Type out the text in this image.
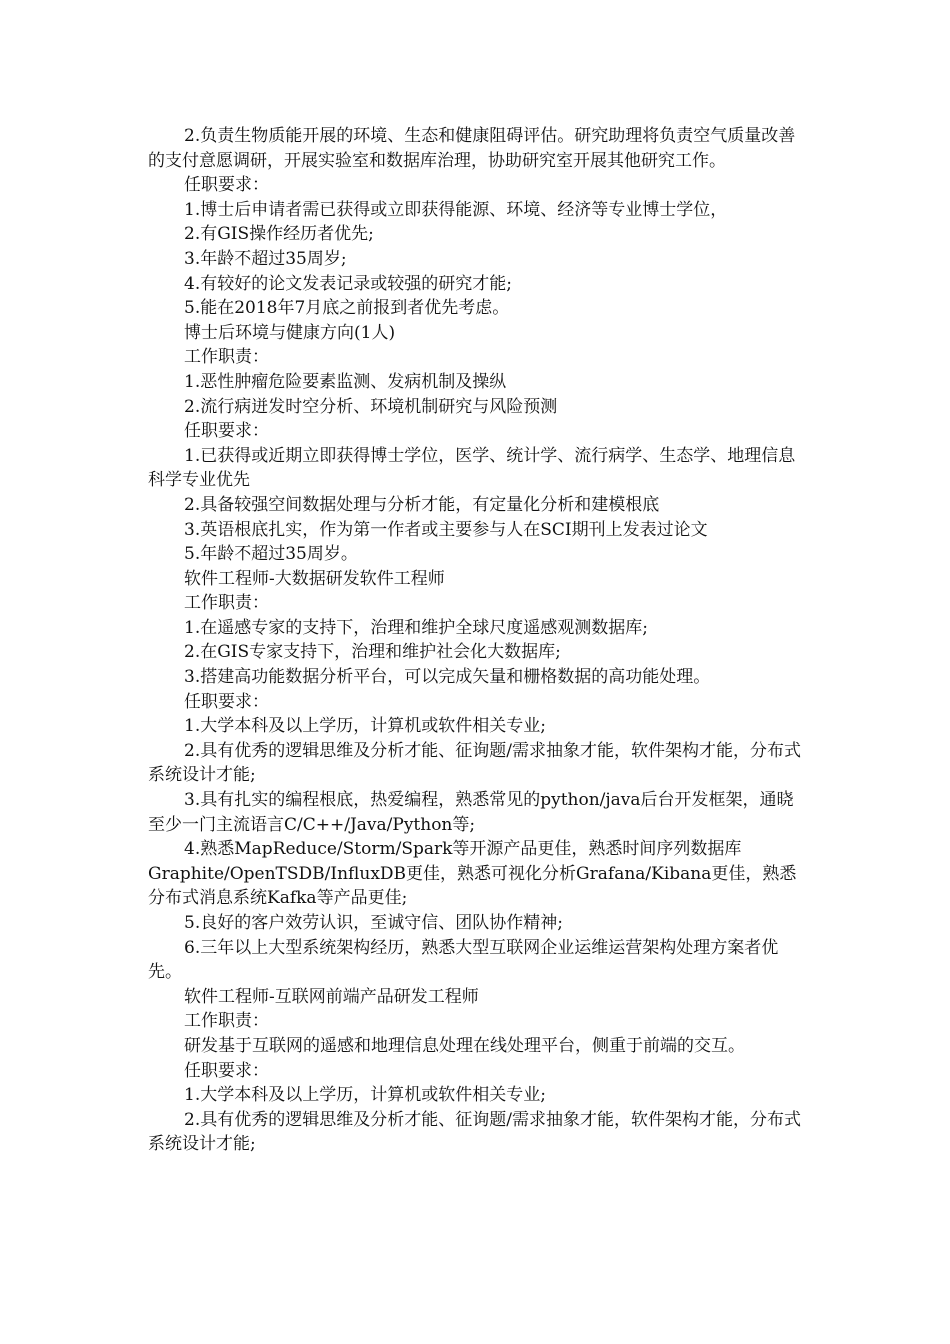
2.负责生物质能开展的环境、生态和健康阻碍评估。研究助理将负责空气质量改善的支付意愿调研，开展实验室和数据库治理，协助研究室开展其他研究工作。

任职要求：

1.博士后申请者需已获得或立即获得能源、环境、经济等专业博士学位，

2.有GIS操作经历者优先;

3.年龄不超过35周岁;

4.有较好的论文发表记录或较强的研究才能;

5.能在2018年7月底之前报到者优先考虑。

博士后环境与健康方向(1人)

工作职责：

1.恶性肿瘤危险要素监测、发病机制及操纵

2.流行病迸发时空分析、环境机制研究与风险预测

任职要求：

1.已获得或近期立即获得博士学位，医学、统计学、流行病学、生态学、地理信息科学专业优先

2.具备较强空间数据处理与分析才能，有定量化分析和建模根底

3.英语根底扎实，作为第一作者或主要参与人在SCI期刊上发表过论文

5.年龄不超过35周岁。

软件工程师-大数据研发软件工程师

工作职责：

1.在遥感专家的支持下，治理和维护全球尺度遥感观测数据库;

2.在GIS专家支持下，治理和维护社会化大数据库;

3.搭建高功能数据分析平台，可以完成矢量和栅格数据的高功能处理。

任职要求：

1.大学本科及以上学历，计算机或软件相关专业;

2.具有优秀的逻辑思维及分析才能、征询题/需求抽象才能，软件架构才能，分布式系统设计才能;

3.具有扎实的编程根底，热爱编程，熟悉常见的python/java后台开发框架，通晓至少一门主流语言C/C++/Java/Python等;

4.熟悉MapReduce/Storm/Spark等开源产品更佳，熟悉时间序列数据库Graphite/OpenTSDB/InfluxDB更佳，熟悉可视化分析Grafana/Kibana更佳，熟悉分布式消息系统Kafka等产品更佳;

5.良好的客户效劳认识，至诚守信、团队协作精神;

6.三年以上大型系统架构经历，熟悉大型互联网企业运维运营架构处理方案者优先。

软件工程师-互联网前端产品研发工程师

工作职责：

研发基于互联网的遥感和地理信息处理在线处理平台，侧重于前端的交互。

任职要求：

1.大学本科及以上学历，计算机或软件相关专业;

2.具有优秀的逻辑思维及分析才能、征询题/需求抽象才能，软件架构才能，分布式系统设计才能;
